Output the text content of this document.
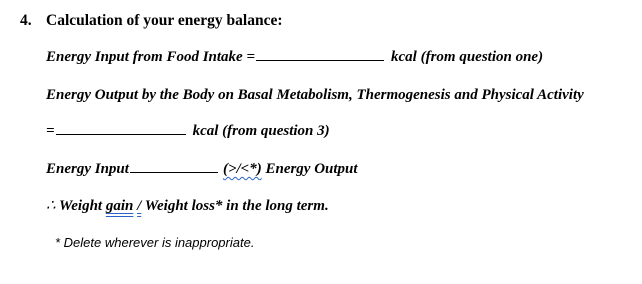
4. Calculation of your energy balance:
Energy Input from Food Intake =	kcal (from question one)
Energy Output by the Body on Basal Metabolism, Thermogenesis and Physical Activity
=	kcal (from question 3)
Energy Input	(>/<*) Energy Output
∴ Weight gain / Weight loss* in the long term.
* Delete wherever is inappropriate.
